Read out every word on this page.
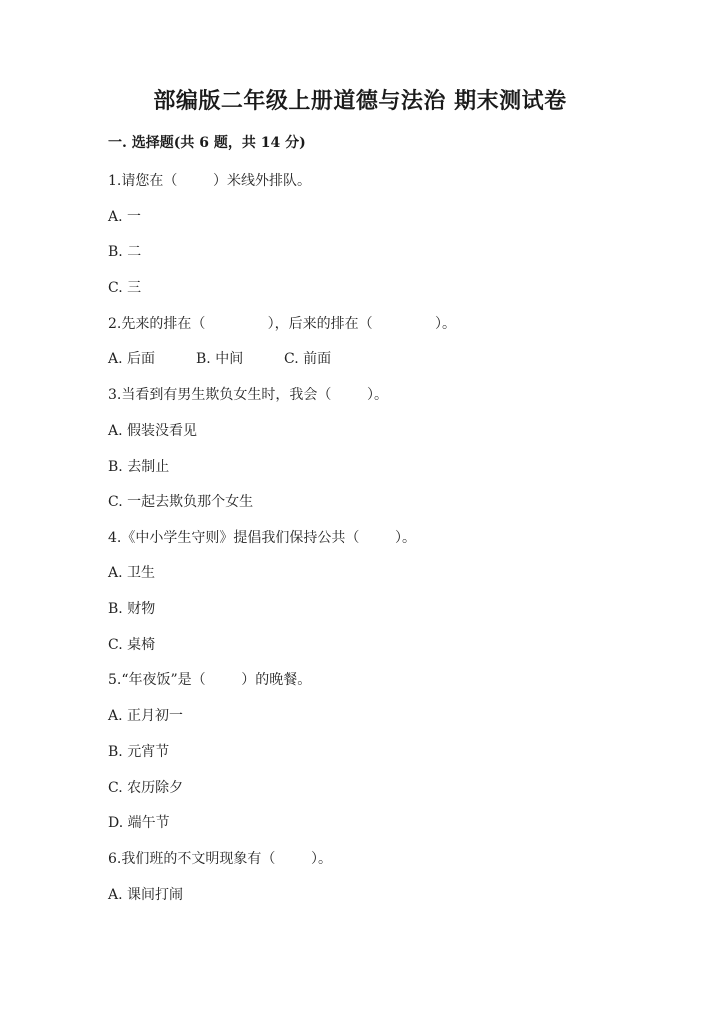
部编版二年级上册道德与法治 期末测试卷
一. 选择题(共 6 题，共 14 分)
1.请您在（        ）米线外排队。
A. 一
B. 二
C. 三
2.先来的排在（              ），后来的排在（              ）。
A. 后面	B. 中间	C. 前面
3.当看到有男生欺负女生时，我会（        ）。
A. 假装没看见
B. 去制止
C. 一起去欺负那个女生
4.《中小学生守则》提倡我们保持公共（        ）。
A. 卫生
B. 财物
C. 桌椅
5.“年夜饭”是（        ）的晚餐。
A. 正月初一
B. 元宵节
C. 农历除夕
D. 端午节
6.我们班的不文明现象有（        ）。
A. 课间打闹
